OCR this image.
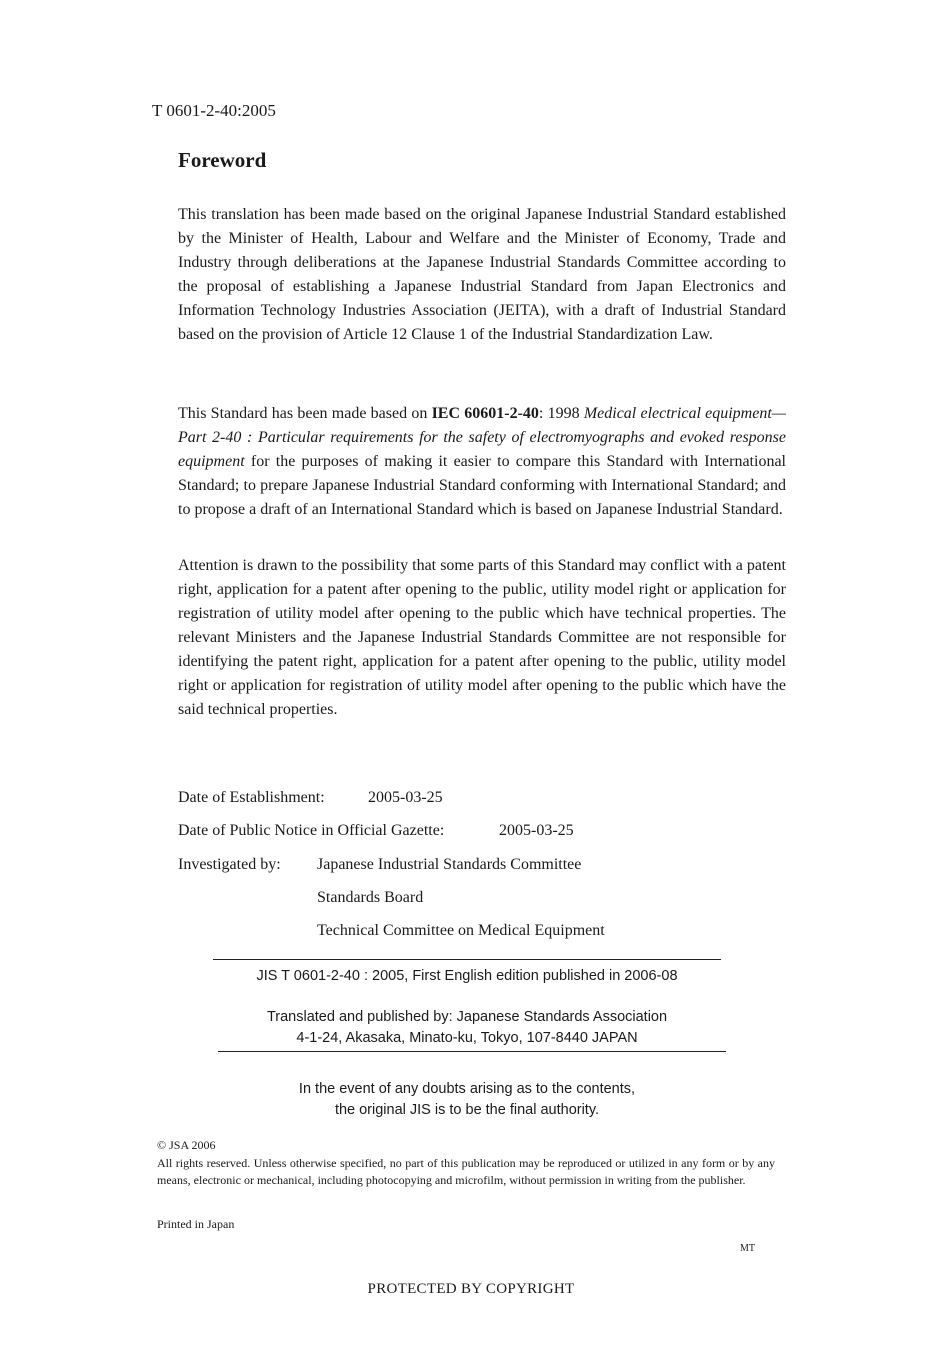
T 0601-2-40:2005
Foreword

This translation has been made based on the original Japanese Industrial Standard established by the Minister of Health, Labour and Welfare and the Minister of Economy, Trade and Industry through deliberations at the Japanese Industrial Standards Committee according to the proposal of establishing a Japanese Industrial Standard from Japan Electronics and Information Technology Industries Association (JEITA), with a draft of Industrial Standard based on the provision of Article 12 Clause 1 of the Industrial Standardization Law.

This Standard has been made based on IEC 60601-2-40: 1998 Medical electrical equipment—Part 2-40 : Particular requirements for the safety of electromyographs and evoked response equipment for the purposes of making it easier to compare this Standard with International Standard; to prepare Japanese Industrial Standard conforming with International Standard; and to propose a draft of an International Standard which is based on Japanese Industrial Standard.

Attention is drawn to the possibility that some parts of this Standard may conflict with a patent right, application for a patent after opening to the public, utility model right or application for registration of utility model after opening to the public which have technical properties. The relevant Ministers and the Japanese Industrial Standards Committee are not responsible for identifying the patent right, application for a patent after opening to the public, utility model right or application for registration of utility model after opening to the public which have the said technical properties.

Date of Establishment:	2005-03-25
Date of Public Notice in Official Gazette:	2005-03-25
Investigated by: Japanese Industrial Standards Committee
Standards Board
Technical Committee on Medical Equipment
JIS T 0601-2-40 : 2005, First English edition published in 2006-08
Translated and published by: Japanese Standards Association
4-1-24, Akasaka, Minato-ku, Tokyo, 107-8440 JAPAN
In the event of any doubts arising as to the contents,
the original JIS is to be the final authority.
© JSA 2006
All rights reserved. Unless otherwise specified, no part of this publication may be reproduced or utilized in any form or by any means, electronic or mechanical, including photocopying and microfilm, without permission in writing from the publisher.
Printed in Japan
MT
PROTECTED BY COPYRIGHT
